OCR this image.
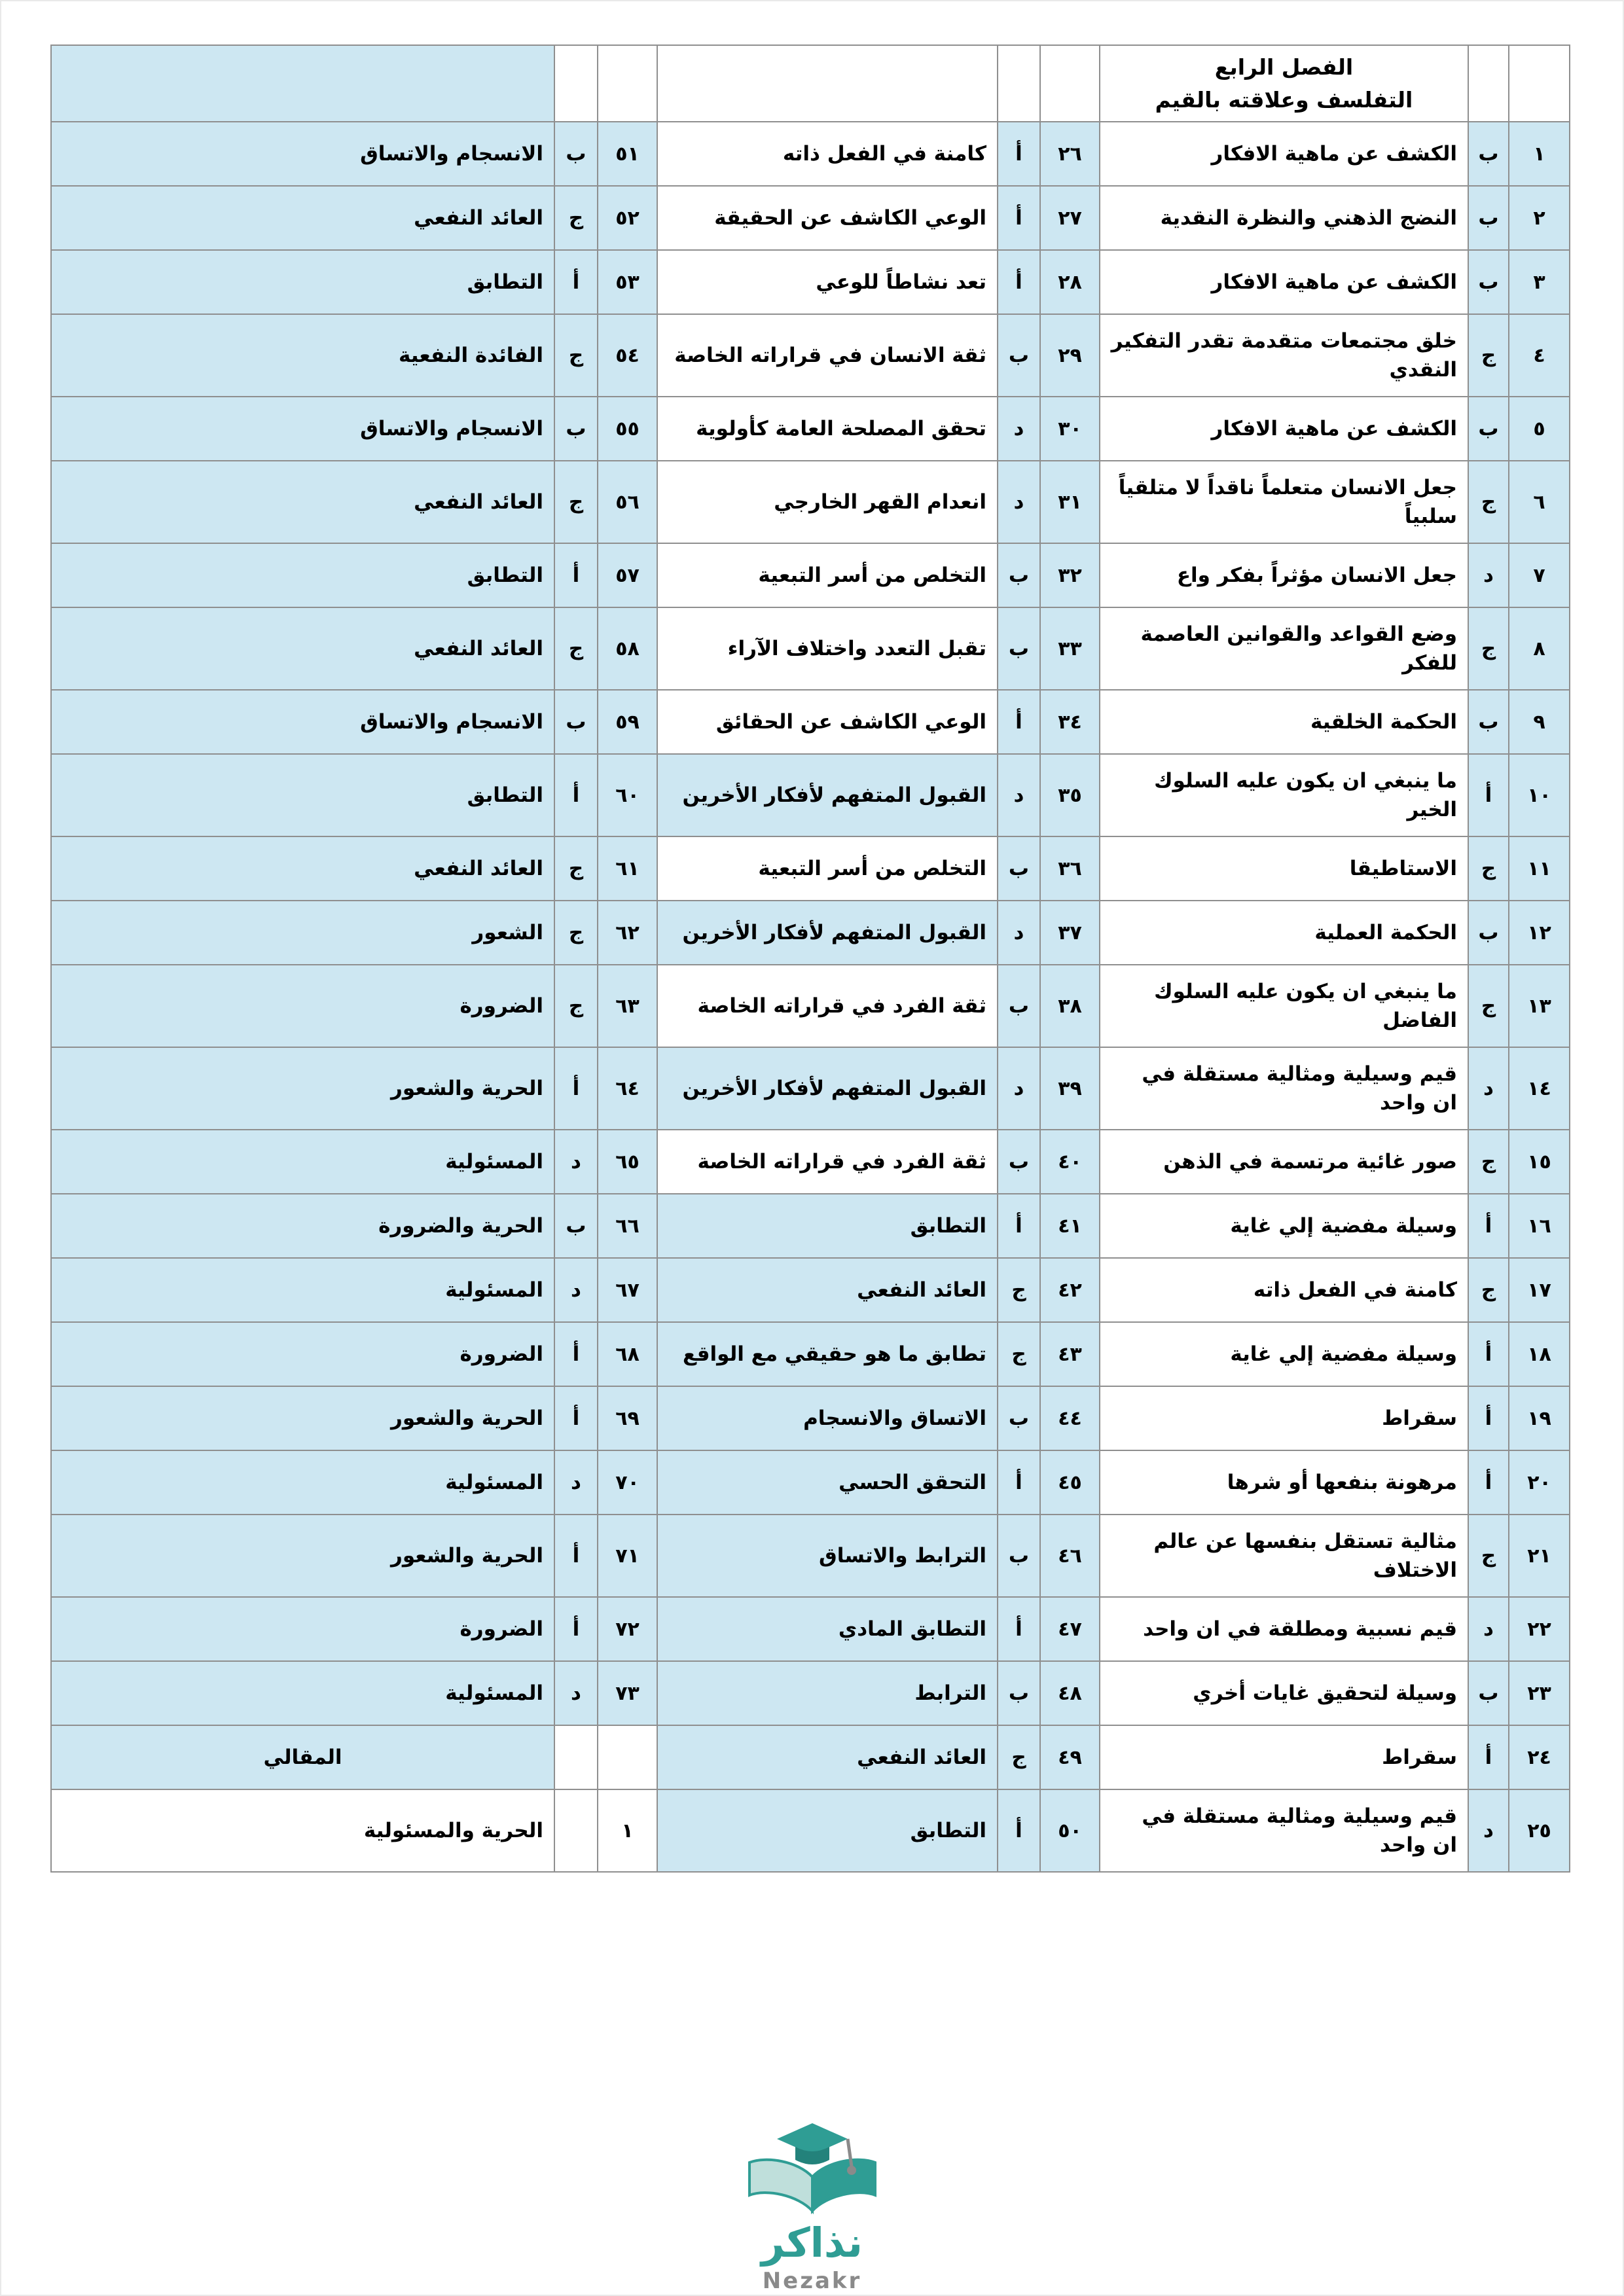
		الفصل الرابع
التفلسف وعلاقته بالقيم						

١	ب	الكشف عن ماهية الافكار	٢٦	أ	كامنة في الفعل ذاته	٥١	ب	الانسجام والاتساق
٢	ب	النضج الذهني والنظرة النقدية	٢٧	أ	الوعي الكاشف عن الحقيقة	٥٢	ج	العائد النفعي
٣	ب	الكشف عن ماهية الافكار	٢٨	أ	تعد نشاطاً للوعي	٥٣	أ	التطابق
٤	ج	خلق مجتمعات متقدمة تقدر التفكير النقدي	٢٩	ب	ثقة الانسان في قراراته الخاصة	٥٤	ج	الفائدة النفعية
٥	ب	الكشف عن ماهية الافكار	٣٠	د	تحقق المصلحة العامة كأولوية	٥٥	ب	الانسجام والاتساق
٦	ج	جعل الانسان متعلماً ناقداً لا متلقياً سلبياً	٣١	د	انعدام القهر الخارجي	٥٦	ج	العائد النفعي
٧	د	جعل الانسان مؤثراً بفكر واع	٣٢	ب	التخلص من أسر التبعية	٥٧	أ	التطابق
٨	ج	وضع القواعد والقوانين العاصمة للفكر	٣٣	ب	تقبل التعدد واختلاف الآراء	٥٨	ج	العائد النفعي
٩	ب	الحكمة الخلقية	٣٤	أ	الوعي الكاشف عن الحقائق	٥٩	ب	الانسجام والاتساق
١٠	أ	ما ينبغي ان يكون عليه السلوك الخير	٣٥	د	القبول المتفهم لأفكار الأخرين	٦٠	أ	التطابق
١١	ج	الاستاطيقا	٣٦	ب	التخلص من أسر التبعية	٦١	ج	العائد النفعي
١٢	ب	الحكمة العملية	٣٧	د	القبول المتفهم لأفكار الأخرين	٦٢	ج	الشعور
١٣	ج	ما ينبغي ان يكون عليه السلوك الفاضل	٣٨	ب	ثقة الفرد في قراراته الخاصة	٦٣	ج	الضرورة
١٤	د	قيم وسيلية ومثالية مستقلة في ان واحد	٣٩	د	القبول المتفهم لأفكار الأخرين	٦٤	أ	الحرية والشعور
١٥	ج	صور غائية مرتسمة في الذهن	٤٠	ب	ثقة الفرد في قراراته الخاصة	٦٥	د	المسئولية
١٦	أ	وسيلة مفضية إلي غاية	٤١	أ	التطابق	٦٦	ب	الحرية والضرورة
١٧	ج	كامنة في الفعل ذاته	٤٢	ج	العائد النفعي	٦٧	د	المسئولية
١٨	أ	وسيلة مفضية إلي غاية	٤٣	ج	تطابق ما هو حقيقي مع الواقع	٦٨	أ	الضرورة
١٩	أ	سقراط	٤٤	ب	الاتساق والانسجام	٦٩	أ	الحرية والشعور
٢٠	أ	مرهونة بنفعها أو شرها	٤٥	أ	التحقق الحسي	٧٠	د	المسئولية
٢١	ج	مثالية تستقل بنفسها عن عالم الاختلاف	٤٦	ب	الترابط والاتساق	٧١	أ	الحرية والشعور
٢٢	د	قيم نسبية ومطلقة في ان واحد	٤٧	أ	التطابق المادي	٧٢	أ	الضرورة
٢٣	ب	وسيلة لتحقيق غايات أخري	٤٨	ب	الترابط	٧٣	د	المسئولية
٢٤	أ	سقراط	٤٩	ج	العائد النفعي			المقالي
٢٥	د	قيم وسيلية ومثالية مستقلة في ان واحد	٥٠	أ	التطابق	١		الحرية والمسئولية
نذاكر
Nezakr
